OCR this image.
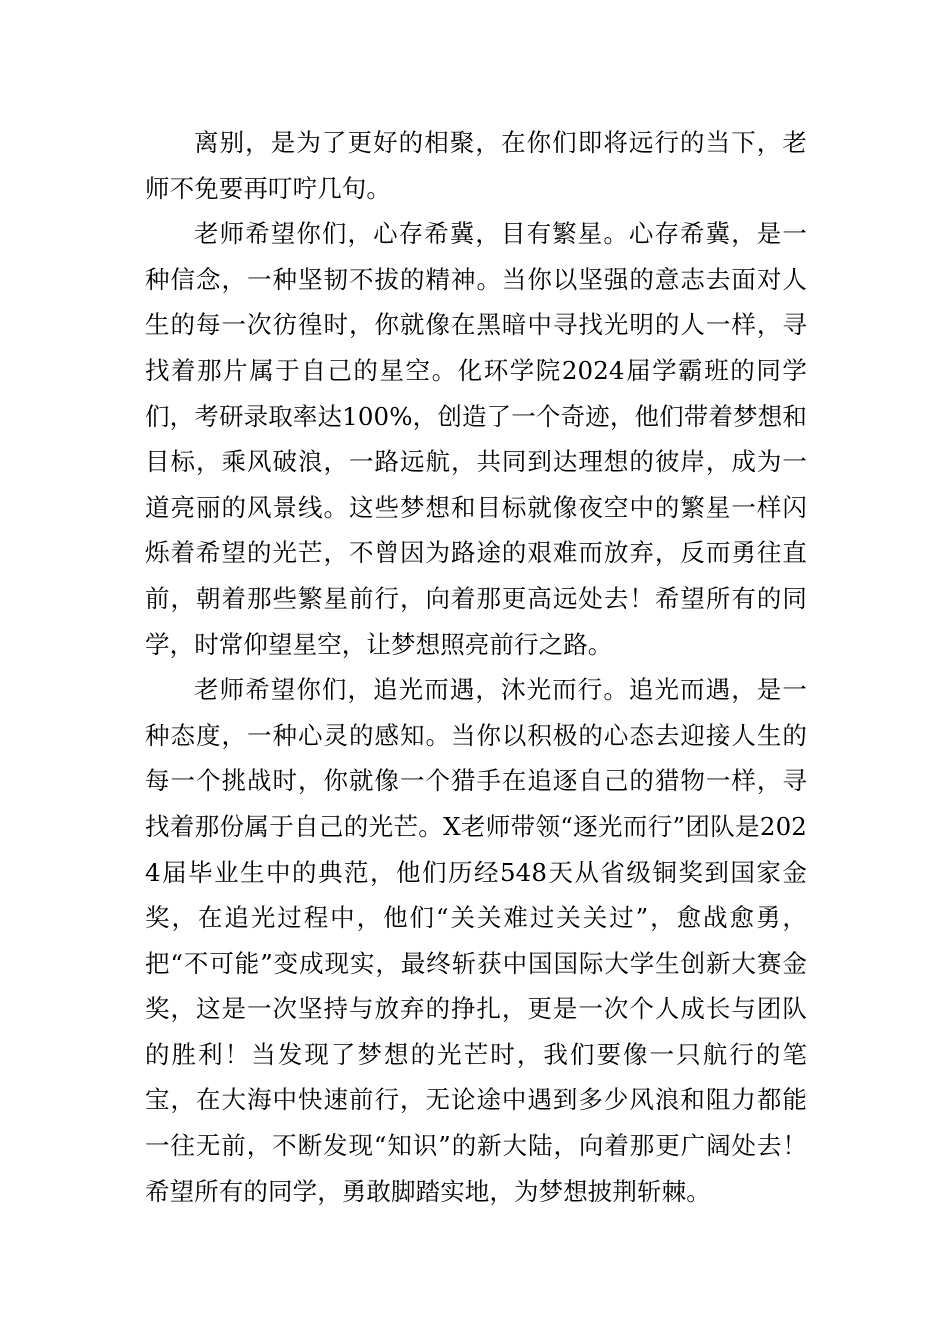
离别，是为了更好的相聚，在你们即将远行的当下，老师不免要再叮咛几句。

老师希望你们，心存希冀，目有繁星。心存希冀，是一种信念，一种坚韧不拔的精神。当你以坚强的意志去面对人生的每一次彷徨时，你就像在黑暗中寻找光明的人一样，寻找着那片属于自己的星空。化环学院2024届学霸班的同学们，考研录取率达100%，创造了一个奇迹，他们带着梦想和目标，乘风破浪，一路远航，共同到达理想的彼岸，成为一道亮丽的风景线。这些梦想和目标就像夜空中的繁星一样闪烁着希望的光芒，不曾因为路途的艰难而放弃，反而勇往直前，朝着那些繁星前行，向着那更高远处去！希望所有的同学，时常仰望星空，让梦想照亮前行之路。

老师希望你们，追光而遇，沐光而行。追光而遇，是一种态度，一种心灵的感知。当你以积极的心态去迎接人生的每一个挑战时，你就像一个猎手在追逐自己的猎物一样，寻找着那份属于自己的光芒。X老师带领“逐光而行”团队是2024届毕业生中的典范，他们历经548天从省级铜奖到国家金奖，在追光过程中，他们“关关难过关关过”，愈战愈勇，把“不可能”变成现实，最终斩获中国国际大学生创新大赛金奖，这是一次坚持与放弃的挣扎，更是一次个人成长与团队的胜利！当发现了梦想的光芒时，我们要像一只航行的笔宝，在大海中快速前行，无论途中遇到多少风浪和阻力都能一往无前，不断发现“知识”的新大陆，向着那更广阔处去！希望所有的同学，勇敢脚踏实地，为梦想披荆斩棘。
